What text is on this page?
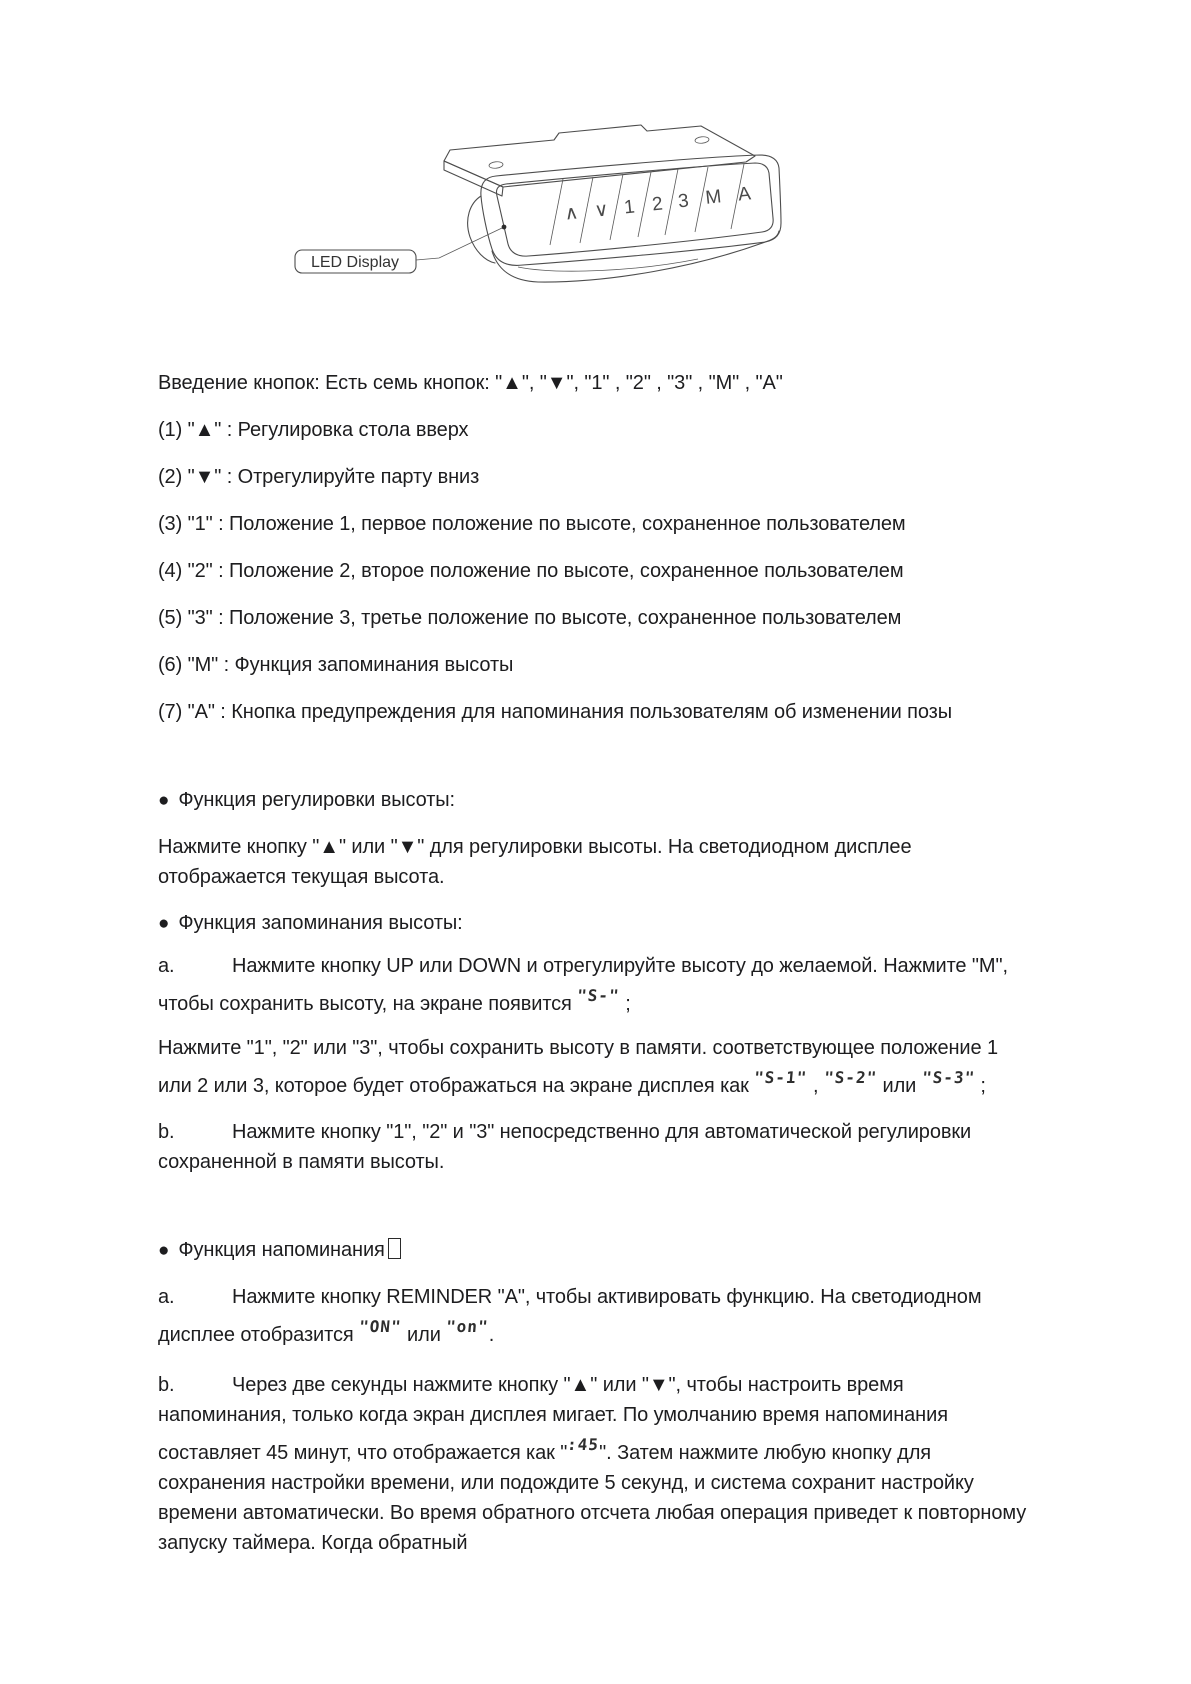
∧ ∨ 1 2 3 M A
LED Display

Введение кнопок: Есть семь кнопок: "▲", "▼", "1" , "2" , "3" , "M" , "A"

(1) "▲" : Регулировка стола вверх

(2) "▼" : Отрегулируйте парту вниз

(3) "1" : Положение 1, первое положение по высоте, сохраненное пользователем

(4) "2" : Положение 2, второе положение по высоте, сохраненное пользователем

(5) "3" : Положение 3, третье положение по высоте, сохраненное пользователем

(6) "M" : Функция запоминания высоты

(7) "A" : Кнопка предупреждения для напоминания пользователям об изменении позы

● Функция регулировки высоты:

Нажмите кнопку "▲" или "▼" для регулировки высоты. На светодиодном дисплее отображается текущая высота.

● Функция запоминания высоты:

a.	Нажмите кнопку UP или DOWN и отрегулируйте высоту до желаемой. Нажмите "M", чтобы сохранить высоту, на экране появится "S-" ;

Нажмите "1", "2" или "3", чтобы сохранить высоту в памяти. соответствующее положение 1 или 2 или 3, которое будет отображаться на экране дисплея как "S-1" , "S-2" или "S-3" ;

b.	Нажмите кнопку "1", "2" и "3" непосредственно для автоматической регулировки сохраненной в памяти высоты.

● Функция напоминания

a.	Нажмите кнопку REMINDER "A", чтобы активировать функцию. На светодиодном дисплее отобразится "ON" или "on".

b.	Через две секунды нажмите кнопку "▲" или "▼", чтобы настроить время напоминания, только когда экран дисплея мигает. По умолчанию время напоминания составляет 45 минут, что отображается как ":45". Затем нажмите любую кнопку для сохранения настройки времени, или подождите 5 секунд, и система сохранит настройку времени автоматически. Во время обратного отсчета любая операция приведет к повторному запуску таймера. Когда обратный
